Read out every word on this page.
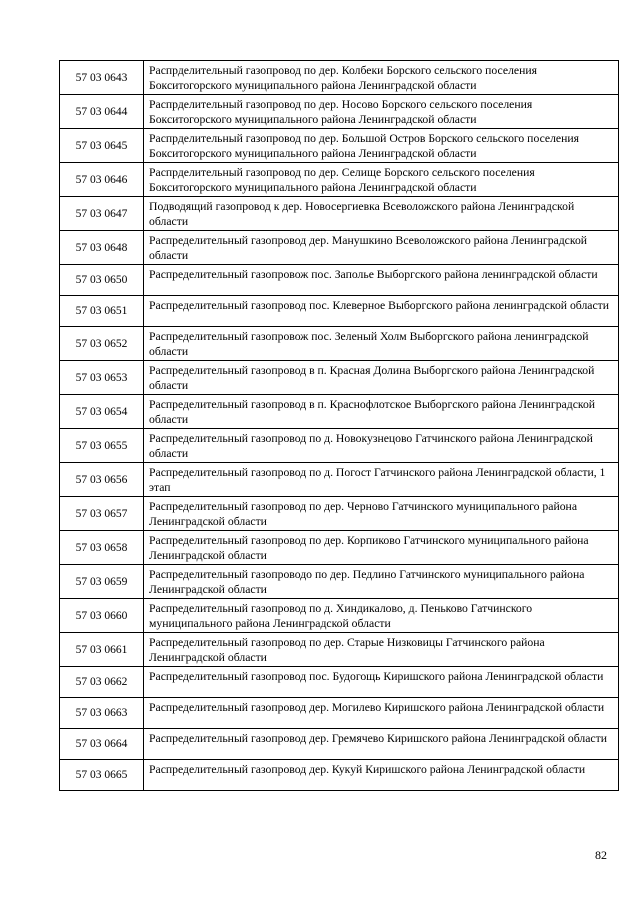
57 03 0643	Распрделительный газопровод по дер. Колбеки Борского сельского поселения Бокситогорского муниципального района Ленинградской области
57 03 0644	Распрделительный газопровод по дер. Носово Борского сельского поселения Бокситогорского муниципального района Ленинградской области
57 03 0645	Распрделительный газопровод по дер. Большой Остров Борского сельского поселения Бокситогорского муниципального района Ленинградской области
57 03 0646	Распрделительный газопровод по дер. Селище Борского сельского поселения Бокситогорского муниципального района Ленинградской области
57 03 0647	Подводящий газопровод к дер. Новосергиевка Всеволожского района Ленинградской области
57 03 0648	Распределительный газопровод дер. Манушкино Всеволожского района Ленинградской области
57 03 0650	Распределительный газопровож пос. Заполье Выборгского района ленинградской области
57 03 0651	Распределительный газопровод пос. Клеверное Выборгского района ленинградской области
57 03 0652	Распределительный газопровож пос. Зеленый Холм Выборгского района ленинградской области
57 03 0653	Распределительный газопровод в п. Красная Долина Выборгского района Ленинградской области
57 03 0654	Распределительный газопровод в п. Краснофлотское Выборгского района Ленинградской области
57 03 0655	Распределительный газопровод по д. Новокузнецово Гатчинского района Ленинградской области
57 03 0656	Распределительный газопровод по д. Погост Гатчинского района Ленинградской области, 1 этап
57 03 0657	Распределительный газопровод по дер. Черново Гатчинского муниципального района Ленинградской области
57 03 0658	Распределительный газопровод по дер. Корпиково Гатчинского муниципального района Ленинградской области
57 03 0659	Распределительный газопроводо по дер. Педлино Гатчинского муниципального района Ленинградской области
57 03 0660	Распределительный газопровод по д. Хиндикалово, д. Пеньково Гатчинского муниципального района Ленинградской области
57 03 0661	Распределительный газопровод по дер. Старые Низковицы Гатчинского района Ленинградской области
57 03 0662	Распределительный газопровод пос. Будогощь Киришского района Ленинградской области
57 03 0663	Распределительный газопровод дер. Могилево Киришского района Ленинградской области
57 03 0664	Распределительный газопровод дер. Гремячево Киришского района Ленинградской области
57 03 0665	Распределительный газопровод дер. Кукуй Киришского района Ленинградской области
82
